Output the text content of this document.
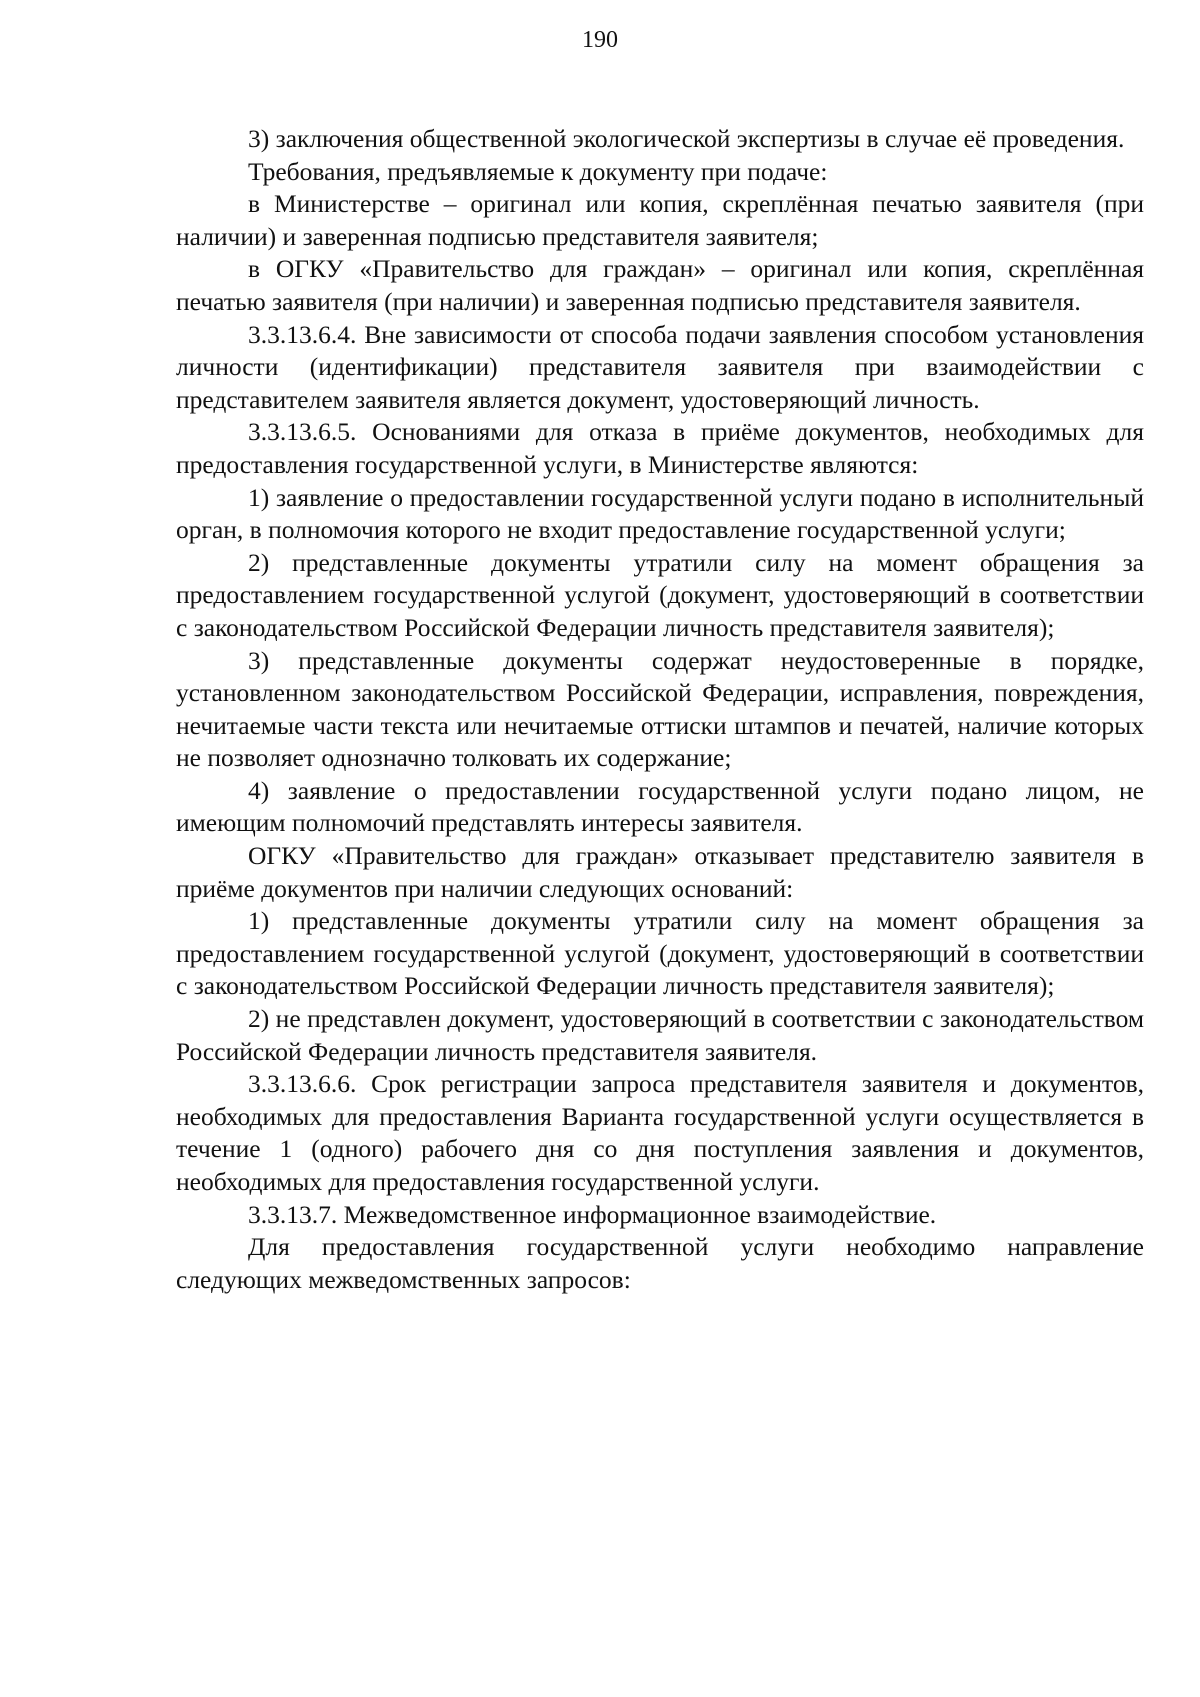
190

3) заключения общественной экологической экспертизы в случае её проведения.

Требования, предъявляемые к документу при подаче:

в Министерстве – оригинал или копия, скреплённая печатью заявителя (при наличии) и заверенная подписью представителя заявителя;

в ОГКУ «Правительство для граждан» – оригинал или копия, скреплённая печатью заявителя (при наличии) и заверенная подписью представителя заявителя.

3.3.13.6.4. Вне зависимости от способа подачи заявления способом установления личности (идентификации) представителя заявителя при взаимодействии с представителем заявителя является документ, удостоверяющий личность.

3.3.13.6.5. Основаниями для отказа в приёме документов, необходимых для предоставления государственной услуги, в Министерстве являются:

1) заявление о предоставлении государственной услуги подано в исполнительный орган, в полномочия которого не входит предоставление государственной услуги;

2) представленные документы утратили силу на момент обращения за предоставлением государственной услугой (документ, удостоверяющий в соответствии с законодательством Российской Федерации личность представителя заявителя);

3) представленные документы содержат неудостоверенные в порядке, установленном законодательством Российской Федерации, исправления, повреждения, нечитаемые части текста или нечитаемые оттиски штампов и печатей, наличие которых не позволяет однозначно толковать их содержание;

4) заявление о предоставлении государственной услуги подано лицом, не имеющим полномочий представлять интересы заявителя.

ОГКУ «Правительство для граждан» отказывает представителю заявителя в приёме документов при наличии следующих оснований:

1) представленные документы утратили силу на момент обращения за предоставлением государственной услугой (документ, удостоверяющий в соответствии с законодательством Российской Федерации личность представителя заявителя);

2) не представлен документ, удостоверяющий в соответствии с законодательством Российской Федерации личность представителя заявителя.

3.3.13.6.6. Срок регистрации запроса представителя заявителя и документов, необходимых для предоставления Варианта государственной услуги осуществляется в течение 1 (одного) рабочего дня со дня поступления заявления и документов, необходимых для предоставления государственной услуги.

3.3.13.7. Межведомственное информационное взаимодействие.

Для предоставления государственной услуги необходимо направление следующих межведомственных запросов:
